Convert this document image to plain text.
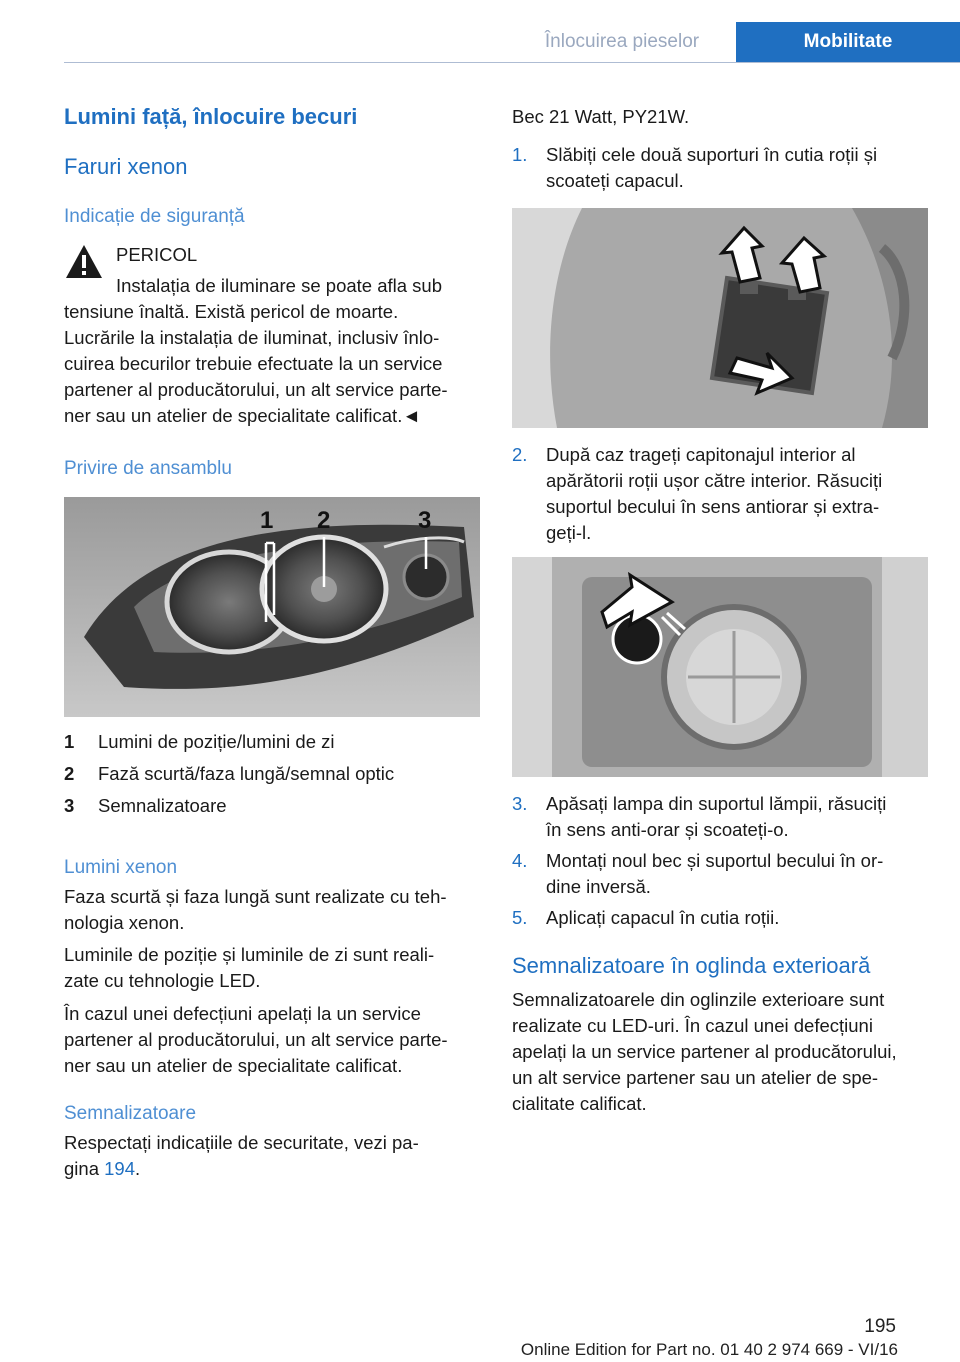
Înlocuirea pieselor	Mobilitate
Lumini față, înlocuire becuri
Faruri xenon
Indicație de siguranță
PERICOL
Instalația de iluminare se poate afla sub
tensiune înaltă. Există pericol de moarte.
Lucrările la instalația de iluminat, inclusiv înlo-
cuirea becurilor trebuie efectuate la un service
partener al producătorului, un alt service parte-
ner sau un atelier de specialitate calificat.◄
Privire de ansamblu
1 2	3
1 Lumini de poziție/lumini de zi
2 Fază scurtă/faza lungă/semnal optic
3 Semnalizatoare
Lumini xenon
Faza scurtă și faza lungă sunt realizate cu teh-
nologia xenon.
Luminile de poziție și luminile de zi sunt reali-
zate cu tehnologie LED.
În cazul unei defecțiuni apelați la un service
partener al producătorului, un alt service parte-
ner sau un atelier de specialitate calificat.
Semnalizatoare
Respectați indicațiile de securitate, vezi pa-
gina 194.
Bec 21 Watt, PY21W.
1. Slăbiți cele două suporturi în cutia roții și
scoateți capacul.
2. După caz trageți capitonajul interior al
apărătorii roții ușor către interior. Răsuciți
suportul becului în sens antiorar și extra-
geți-l.
3. Apăsați lampa din suportul lămpii, răsuciți
în sens anti-orar și scoateți-o.
4. Montați noul bec și suportul becului în or-
dine inversă.
5. Aplicați capacul în cutia roții.
Semnalizatoare în oglinda exterioară
Semnalizatoarele din oglinzile exterioare sunt
realizate cu LED-uri. În cazul unei defecțiuni
apelați la un service partener al producătorului,
un alt service partener sau un atelier de spe-
cialitate calificat.
195
Online Edition for Part no. 01 40 2 974 669 - VI/16
